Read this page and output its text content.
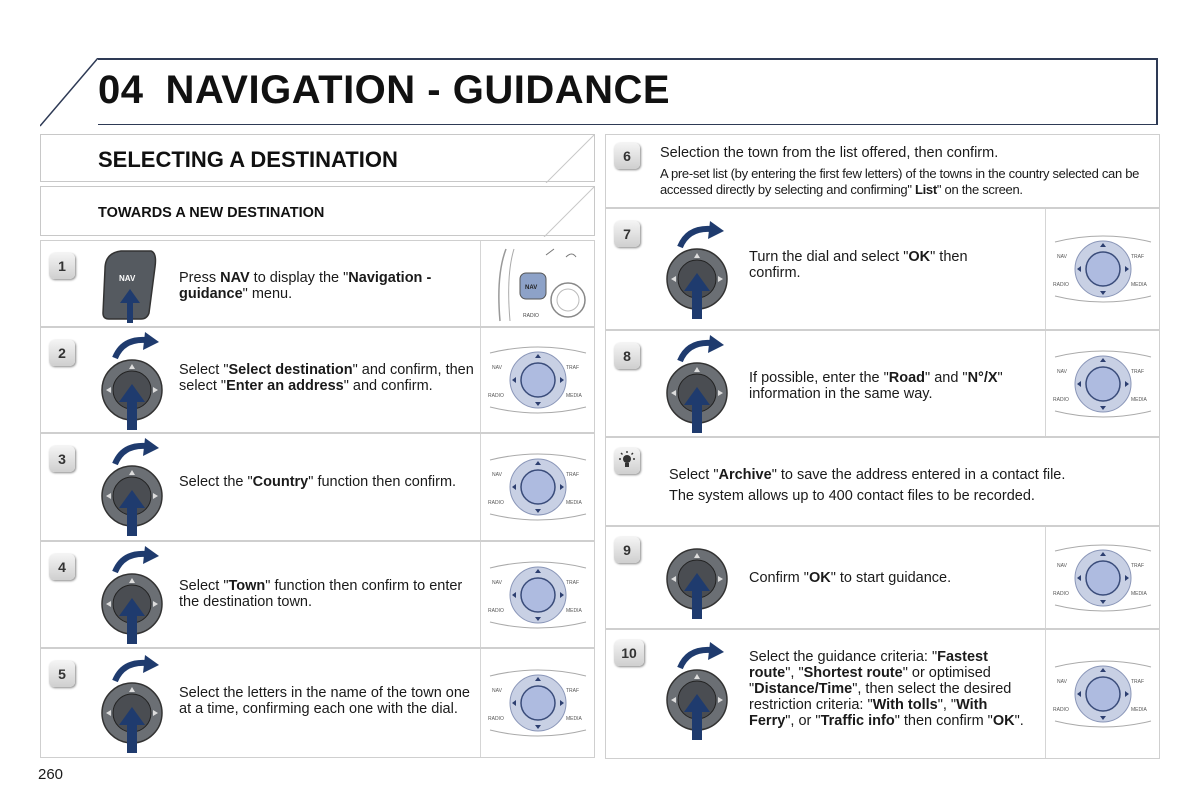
04 NAVIGATION - GUIDANCE
SELECTING A DESTINATION
TOWARDS A NEW DESTINATION
1
NAV	Press NAV to display the "Navigation - guidance" menu.	NAV
RADIO
2
Select "Select destination" and confirm, then select "Enter an address" and confirm.
NAV	TRAF
RADIO	MEDIA
3
Select the "Country" function then confirm.	NAV	TRAF
RADIO	MEDIA
4
Select "Town" function then confirm to enter the destination town.
NAV	TRAF
RADIO	MEDIA
5
Select the letters in the name of the town one at a time, confirming each one with the dial.
NAV	TRAF
RADIO	MEDIA
6	Selection the town from the list offered, then confirm.
A pre-set list (by entering the first few letters) of the towns in the country selected can be accessed directly by selecting and confirming" List" on the screen.
7
Turn the dial and select "OK" then confirm.
NAV	TRAF
RADIO	MEDIA
8
If possible, enter the "Road" and "N°/X" information in the same way.
NAV	TRAF
RADIO	MEDIA
Select "Archive" to save the address entered in a contact file.
The system allows up to 400 contact files to be recorded.
9
Confirm "OK" to start guidance.
NAV	TRAF
RADIO	MEDIA
10	Select the guidance criteria: "Fastest route", "Shortest route" or optimised "Distance/Time", then select the desired restriction criteria: "With tolls", "With Ferry", or "Traffic info" then confirm "OK".
NAV	TRAF
RADIO	MEDIA
260
